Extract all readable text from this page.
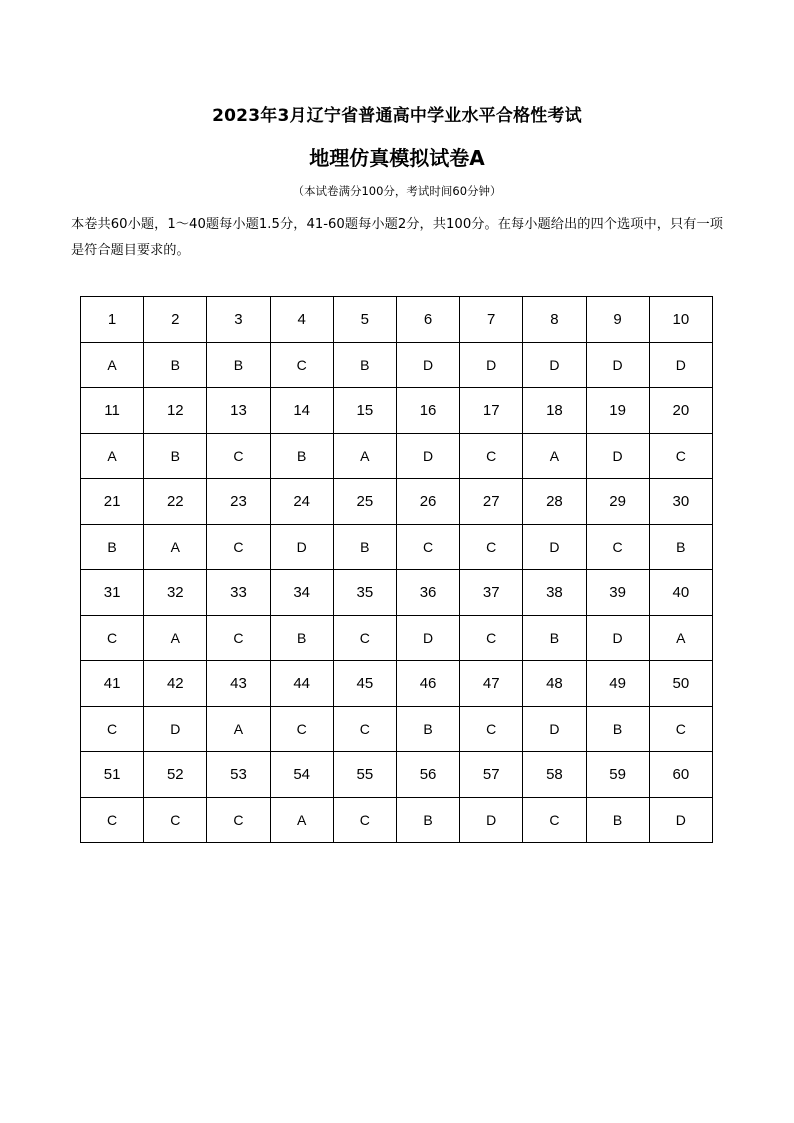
2023年3月辽宁省普通高中学业水平合格性考试
地理仿真模拟试卷A
（本试卷满分100分，考试时间60分钟）
本卷共60小题，1～40题每小题1.5分，41-60题每小题2分，共100分。在每小题给出的四个选项中，只有一项是符合题目要求的。
1	2	3	4	5	6	7	8	9	10
A	B	B	C	B	D	D	D	D	D
11	12	13	14	15	16	17	18	19	20
A	B	C	B	A	D	C	A	D	C
21	22	23	24	25	26	27	28	29	30
B	A	C	D	B	C	C	D	C	B
31	32	33	34	35	36	37	38	39	40
C	A	C	B	C	D	C	B	D	A
41	42	43	44	45	46	47	48	49	50
C	D	A	C	C	B	C	D	B	C
51	52	53	54	55	56	57	58	59	60
C	C	C	A	C	B	D	C	B	D
